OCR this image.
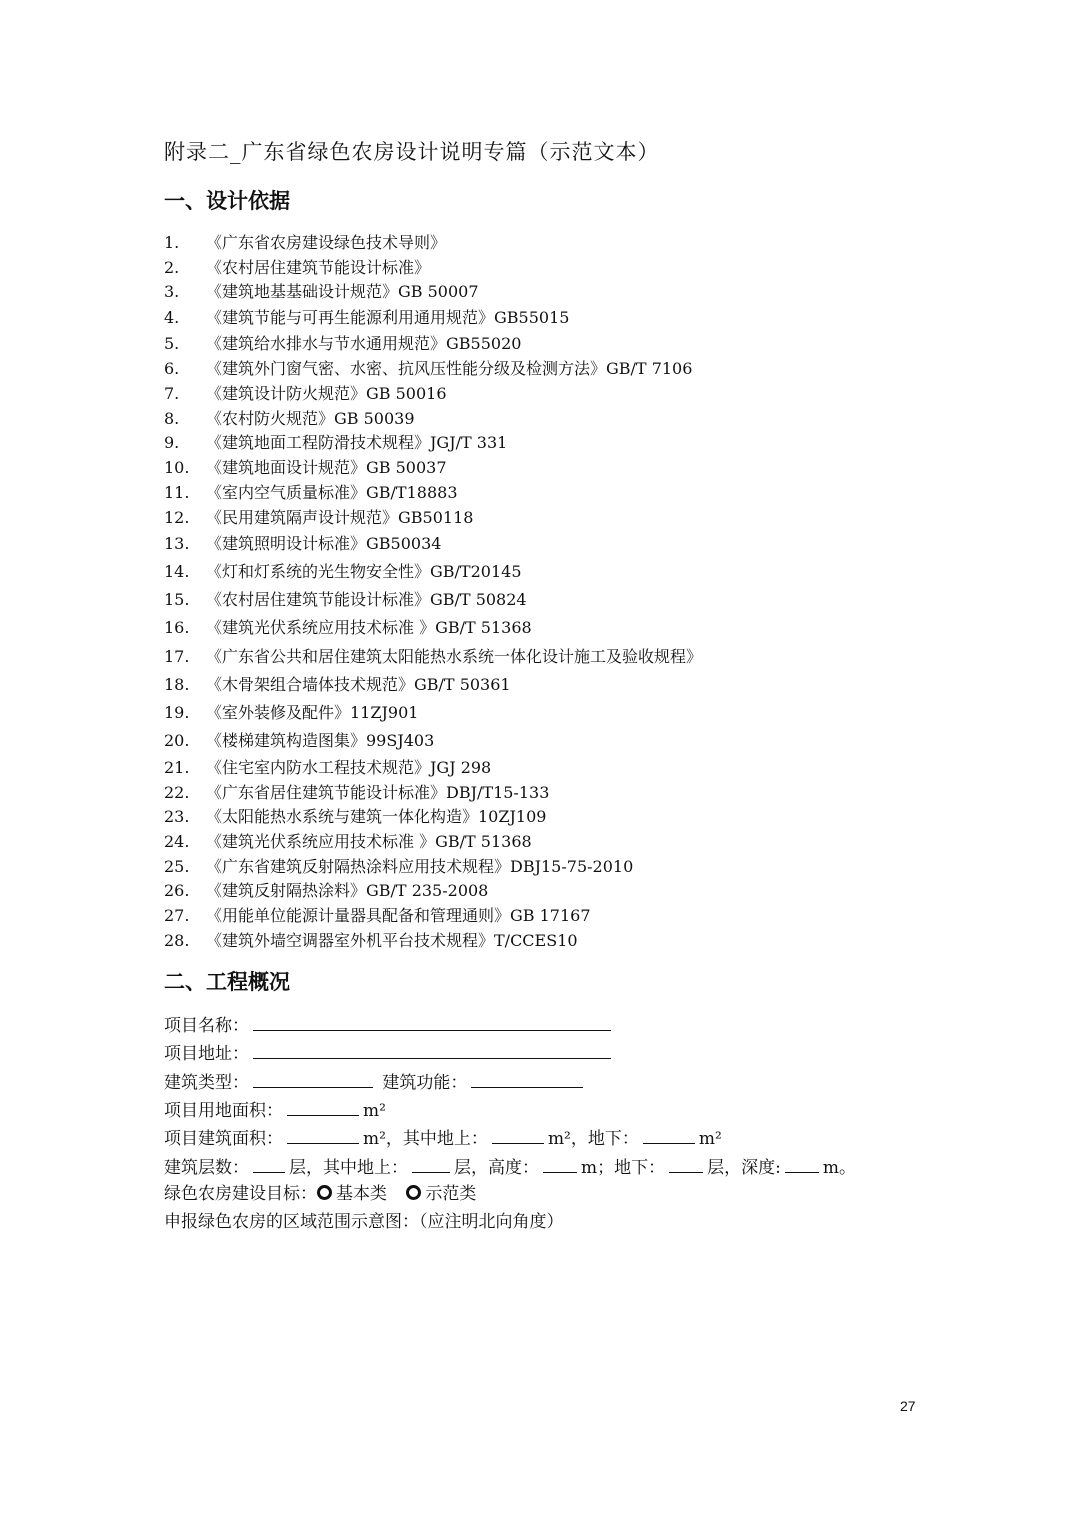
附录二_广东省绿色农房设计说明专篇（示范文本）
一、设计依据
1. 《广东省农房建设绿色技术导则》
2. 《农村居住建筑节能设计标准》
3. 《建筑地基基础设计规范》GB 50007
4. 《建筑节能与可再生能源利用通用规范》GB55015
5. 《建筑给水排水与节水通用规范》GB55020
6. 《建筑外门窗气密、水密、抗风压性能分级及检测方法》GB/T 7106
7. 《建筑设计防火规范》GB 50016
8. 《农村防火规范》GB 50039
9. 《建筑地面工程防滑技术规程》JGJ/T 331
10. 《建筑地面设计规范》GB 50037
11. 《室内空气质量标准》GB/T18883
12. 《民用建筑隔声设计规范》GB50118
13. 《建筑照明设计标准》GB50034
14. 《灯和灯系统的光生物安全性》GB/T20145
15. 《农村居住建筑节能设计标准》GB/T 50824
16. 《建筑光伏系统应用技术标准 》GB/T 51368
17. 《广东省公共和居住建筑太阳能热水系统一体化设计施工及验收规程》
18. 《木骨架组合墙体技术规范》GB/T 50361
19. 《室外装修及配件》11ZJ901
20. 《楼梯建筑构造图集》99SJ403
21. 《住宅室内防水工程技术规范》JGJ 298
22. 《广东省居住建筑节能设计标准》DBJ/T15-133
23. 《太阳能热水系统与建筑一体化构造》10ZJ109
24. 《建筑光伏系统应用技术标准 》GB/T 51368
25. 《广东省建筑反射隔热涂料应用技术规程》DBJ15-75-2010
26. 《建筑反射隔热涂料》GB/T 235-2008
27. 《用能单位能源计量器具配备和管理通则》GB 17167
28. 《建筑外墙空调器室外机平台技术规程》T/CCES10
二、工程概况
项目名称：
项目地址：
建筑类型：	建筑功能：
项目用地面积：	m²
项目建筑面积：	m²，其中地上：	m²，地下：	m²
建筑层数： 层，其中地上：	层，高度： m；地下： 层，深度: m。
绿色农房建设目标： 基本类 示范类
申报绿色农房的区域范围示意图：（应注明北向角度）
27
